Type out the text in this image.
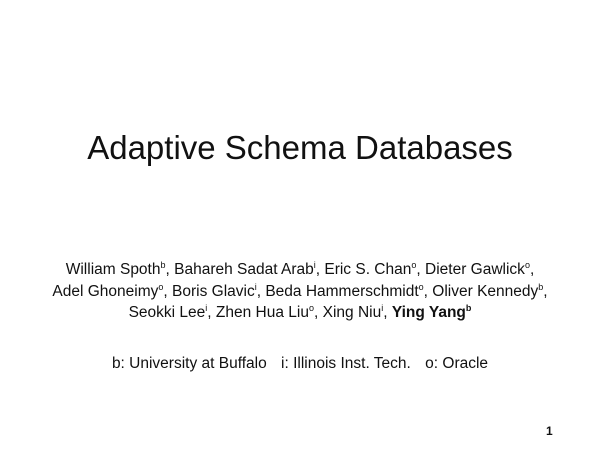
Adaptive Schema Databases
William Spoth$^b$, Bahareh Sadat Arab$^i$, Eric S. Chan$^o$, Dieter Gawlick$^o$,
Adel Ghoneimy$^o$, Boris Glavic$^i$, Beda Hammerschmidt$^o$, Oliver Kennedy$^b$,
Seokki Lee$^i$, Zhen Hua Liu$^o$, Xing Niu$^i$, Ying Yang$^b$
b: University at Buffalo i: Illinois Inst. Tech. o: Oracle
1
